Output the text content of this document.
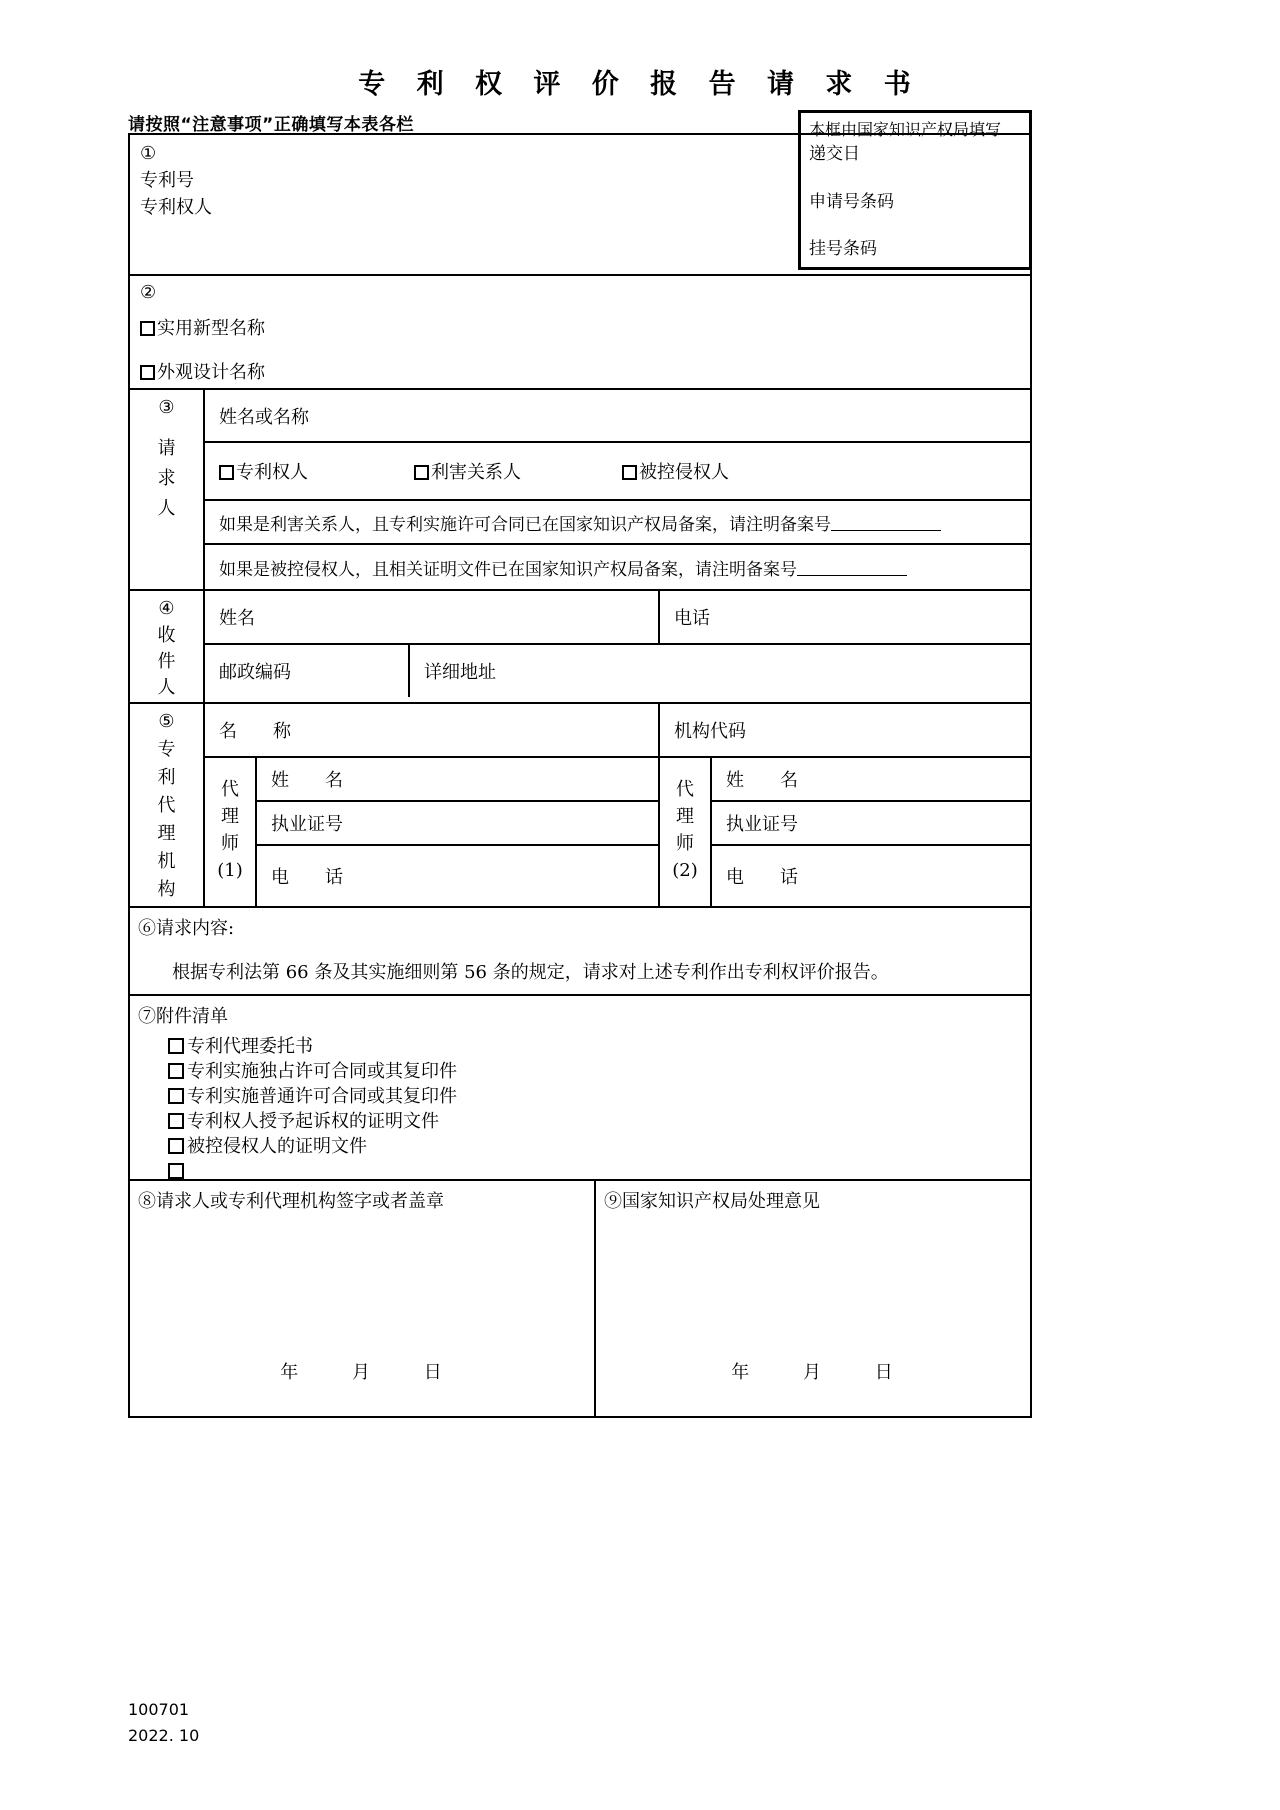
专 利 权 评 价 报 告 请 求 书
请按照“注意事项”正确填写本表各栏
①
专利号
专利权人
②
实用新型名称
外观设计名称
③
请
求
人
姓名或名称
专利权人	利害关系人	被控侵权人
如果是利害关系人，且专利实施许可合同已在国家知识产权局备案，请注明备案号
如果是被控侵权人，且相关证明文件已在国家知识产权局备案，请注明备案号
④
收
件
人
姓名	电话
邮政编码	详细地址
⑤
专
利
代
理
机
构
名　　称	机构代码
代
理
师
(1)
姓　　名
执业证号
电　　话
代
理
师
(2)
姓　　名
执业证号
电　　话
⑥请求内容:
根据专利法第 66 条及其实施细则第 56 条的规定，请求对上述专利作出专利权评价报告。
⑦附件清单
专利代理委托书
专利实施独占许可合同或其复印件
专利实施普通许可合同或其复印件
专利权人授予起诉权的证明文件
被控侵权人的证明文件
⑧请求人或专利代理机构签字或者盖章
年	月	日
⑨国家知识产权局处理意见
年	月	日
本框由国家知识产权局填写
递交日
申请号条码
挂号条码
100701
2022. 10
